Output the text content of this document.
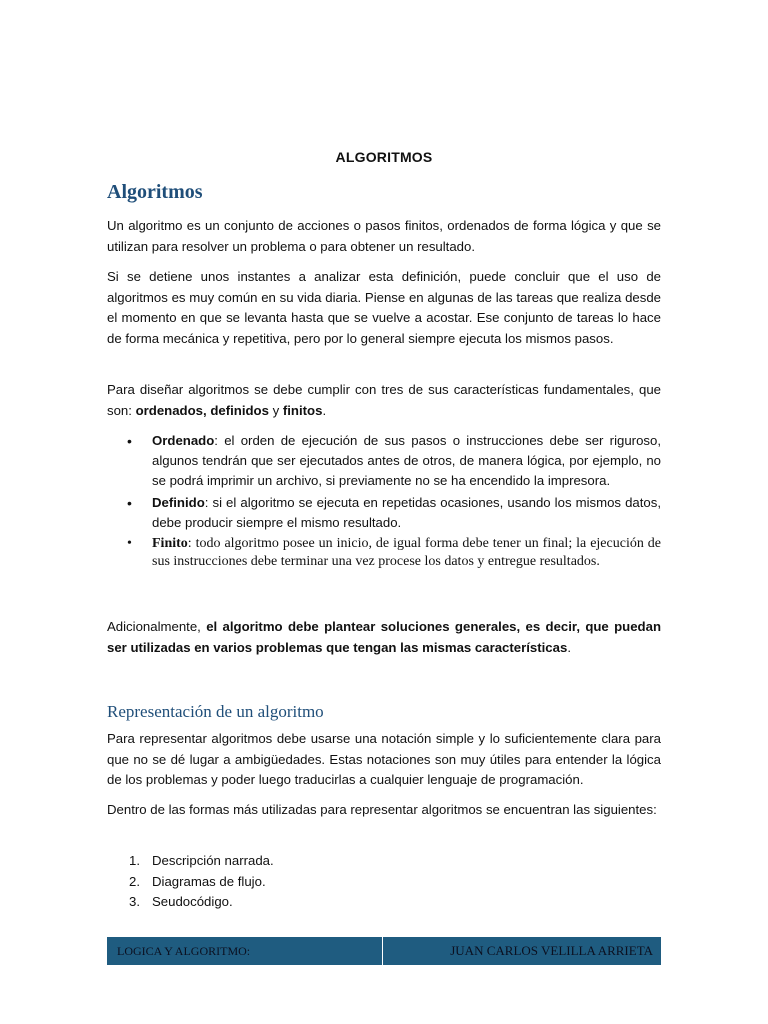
ALGORITMOS
Algoritmos
Un algoritmo es un conjunto de acciones o pasos finitos, ordenados de forma lógica y que se utilizan para resolver un problema o para obtener un resultado.
Si se detiene unos instantes a analizar esta definición, puede concluir que el uso de algoritmos es muy común en su vida diaria. Piense en algunas de las tareas que realiza desde el momento en que se levanta hasta que se vuelve a acostar. Ese conjunto de tareas lo hace de forma mecánica y repetitiva, pero por lo general siempre ejecuta los mismos pasos.
Para diseñar algoritmos se debe cumplir con tres de sus características fundamentales, que son: ordenados, definidos y finitos.
• Ordenado: el orden de ejecución de sus pasos o instrucciones debe ser riguroso, algunos tendrán que ser ejecutados antes de otros, de manera lógica, por ejemplo, no se podrá imprimir un archivo, si previamente no se ha encendido la impresora.
• Definido: si el algoritmo se ejecuta en repetidas ocasiones, usando los mismos datos, debe producir siempre el mismo resultado.
• Finito: todo algoritmo posee un inicio, de igual forma debe tener un final; la ejecución de sus instrucciones debe terminar una vez procese los datos y entregue resultados.
Adicionalmente, el algoritmo debe plantear soluciones generales, es decir, que puedan ser utilizadas en varios problemas que tengan las mismas características.
Representación de un algoritmo
Para representar algoritmos debe usarse una notación simple y lo suficientemente clara para que no se dé lugar a ambigüedades. Estas notaciones son muy útiles para entender la lógica de los problemas y poder luego traducirlas a cualquier lenguaje de programación.
Dentro de las formas más utilizadas para representar algoritmos se encuentran las siguientes:
1. Descripción narrada.
2. Diagramas de flujo.
3. Seudocódigo.
LOGICA Y ALGORITMO:	JUAN CARLOS VELILLA ARRIETA
